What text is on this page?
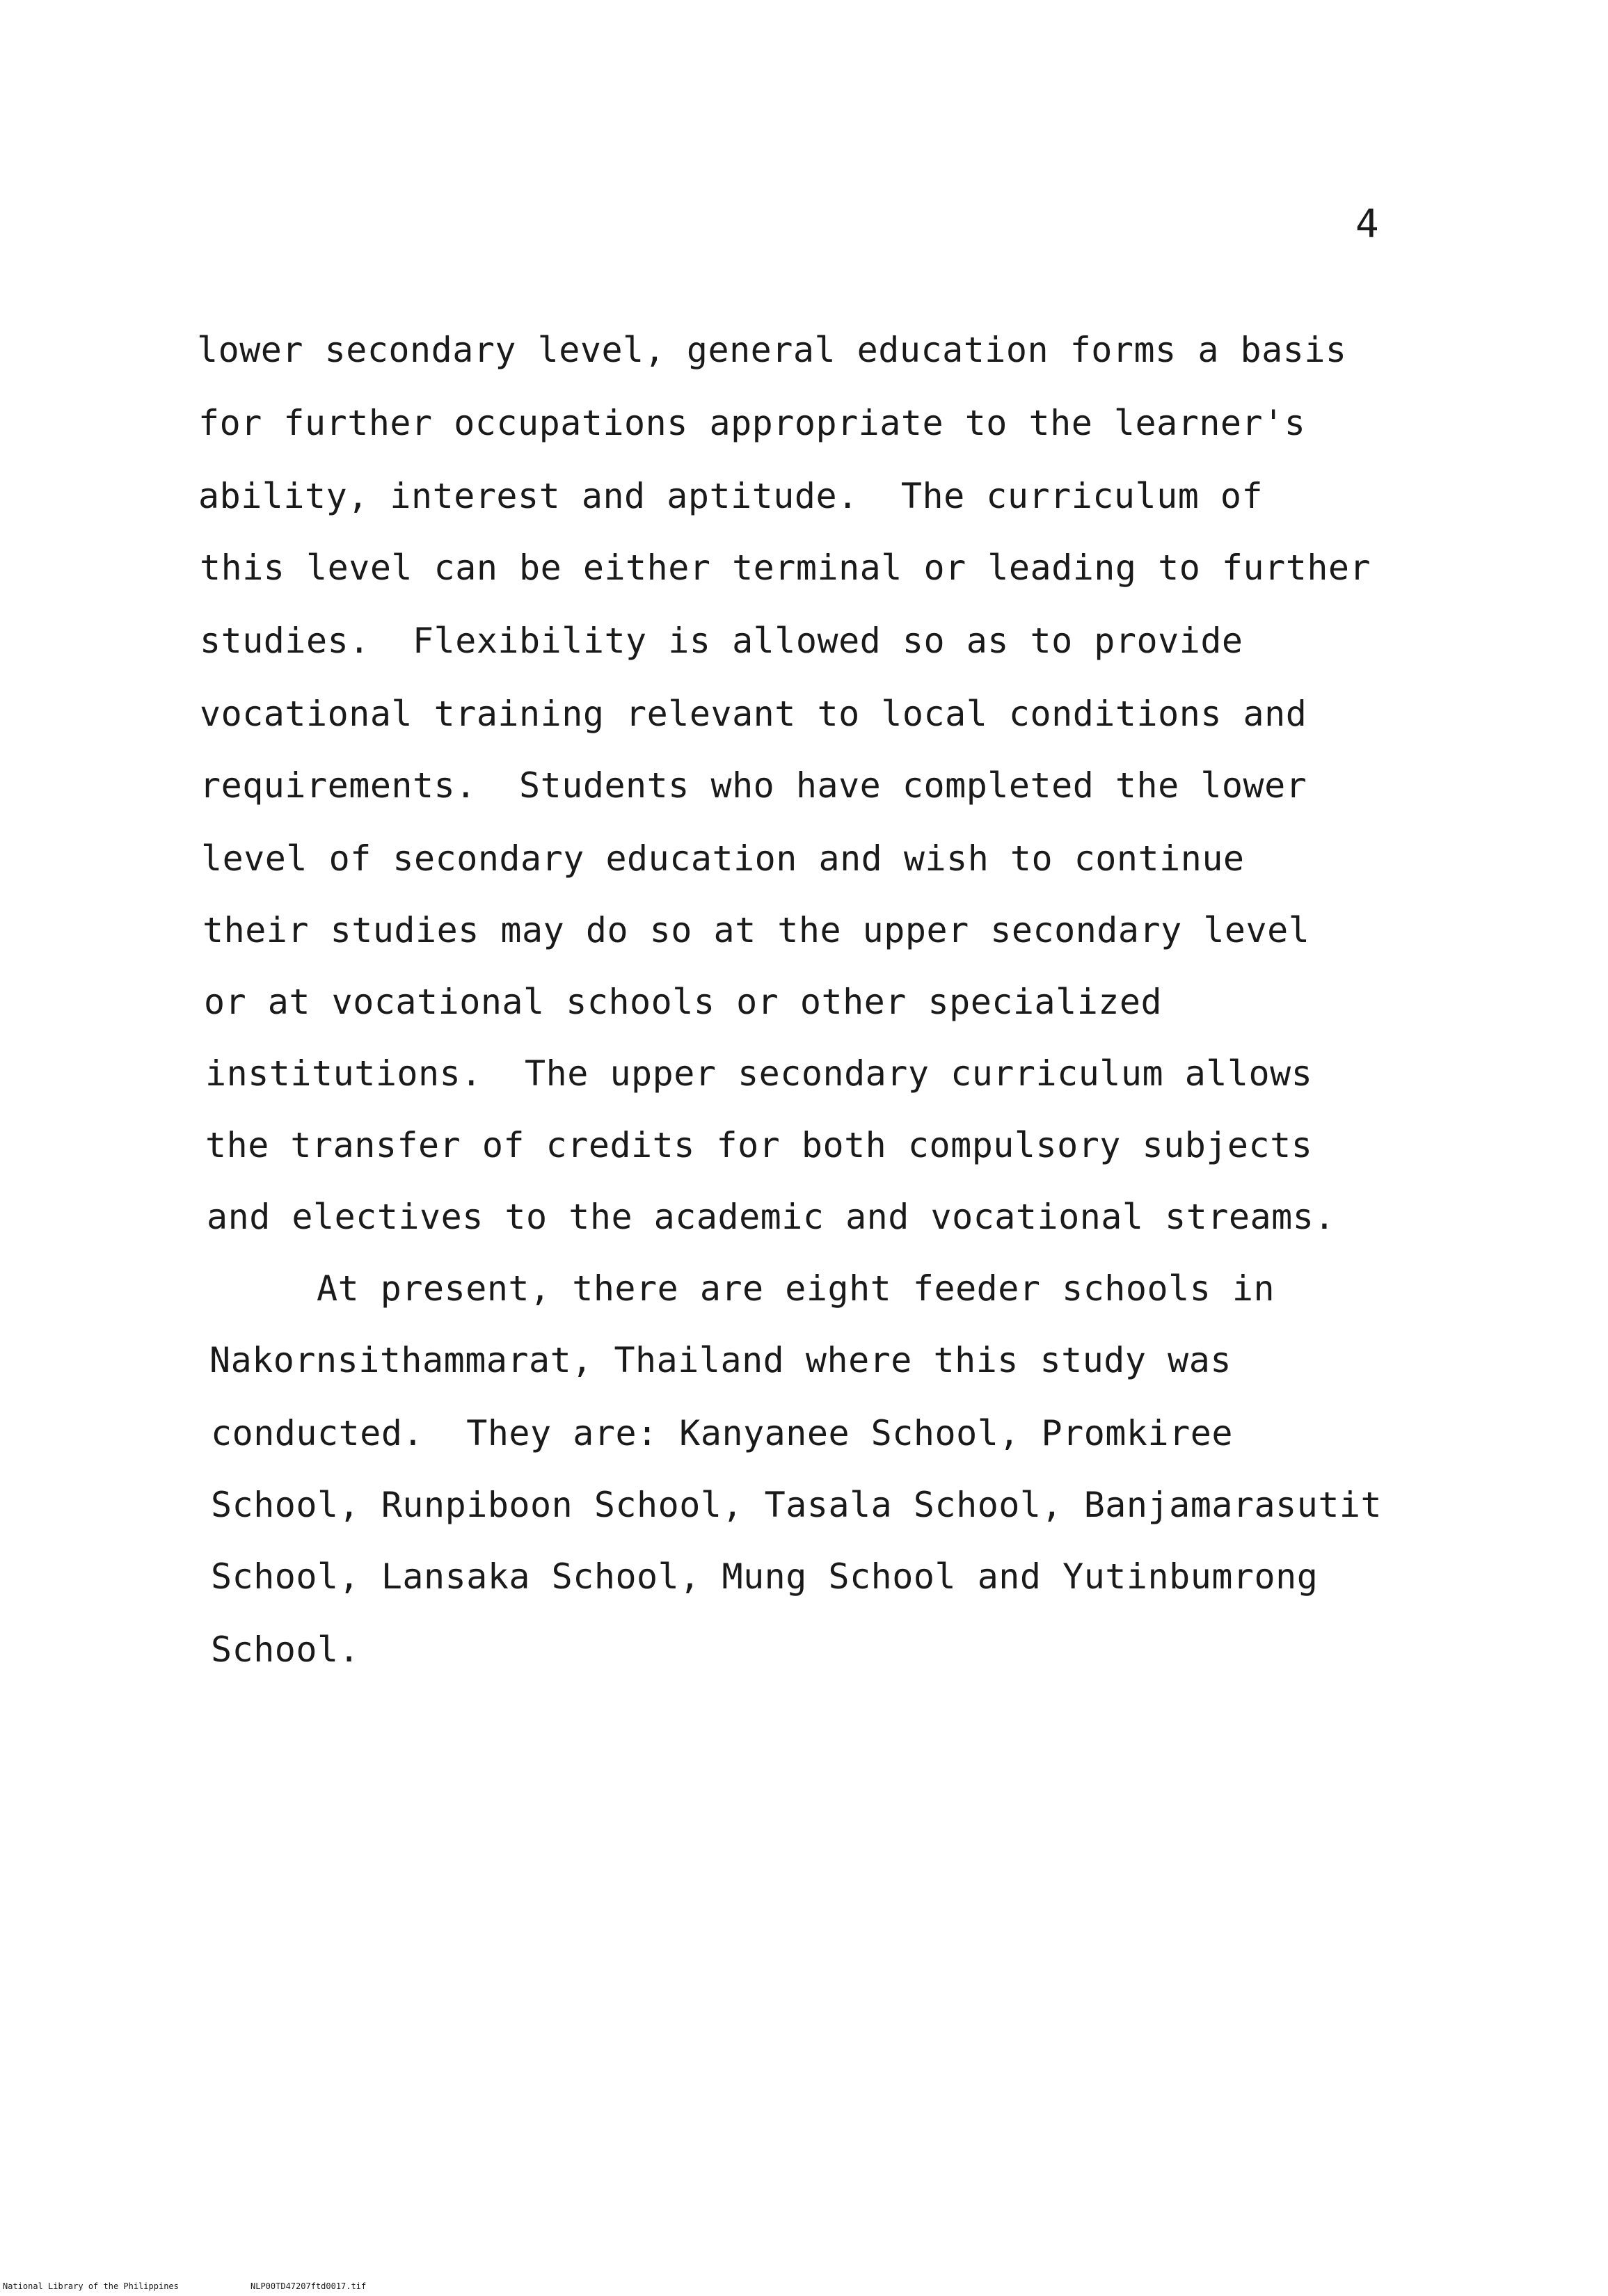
4
lower secondary level, general education forms a basis
for further occupations appropriate to the learner's
ability, interest and aptitude.  The curriculum of
this level can be either terminal or leading to further
studies.  Flexibility is allowed so as to provide
vocational training relevant to local conditions and
requirements.  Students who have completed the lower
level of secondary education and wish to continue
their studies may do so at the upper secondary level
or at vocational schools or other specialized
institutions.  The upper secondary curriculum allows
the transfer of credits for both compulsory subjects
and electives to the academic and vocational streams.
At present, there are eight feeder schools in
Nakornsithammarat, Thailand where this study was
conducted.  They are: Kanyanee School, Promkiree
School, Runpiboon School, Tasala School, Banjamarasutit
School, Lansaka School, Mung School and Yutinbumrong
School.
National Library of the Philippines	NLP00TD47207ftd0017.tif
